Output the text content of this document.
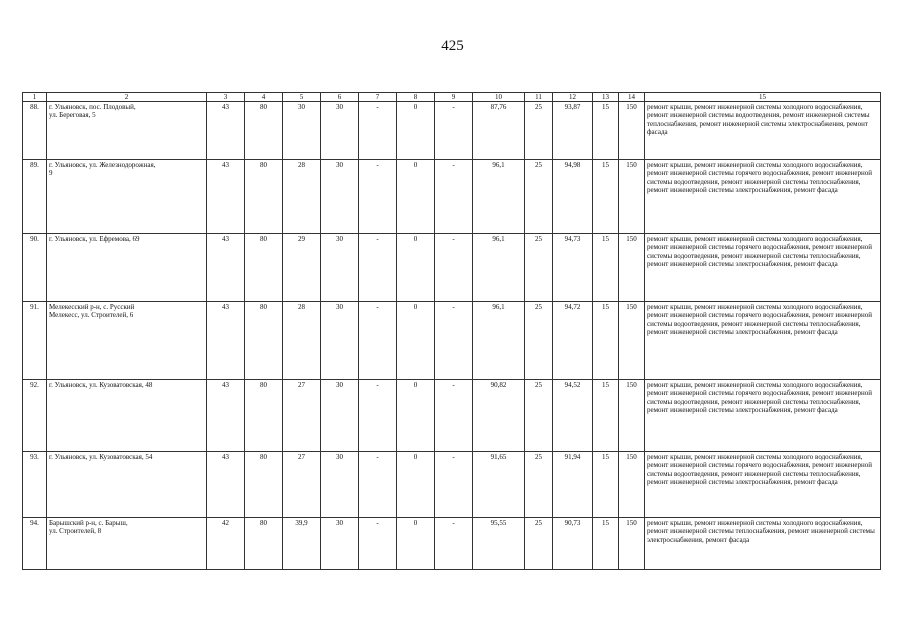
425
1	2	3	4	5	6	7	8	9	10	11	12	13	14	15
88.	г. Ульяновск, пос. Плодовый,
ул. Береговая, 5	43	80	30	30	-	0	-	87,76	25	93,87	15	150	ремонт крыши, ремонт инженерной системы холодного водоснабжения, ремонт инженерной системы водоотведения, ремонт инженерной системы теплоснабжения, ремонт инженерной системы электроснабжения, ремонт фасада
89.	г. Ульяновск, ул. Железнодорожная,
9	43	80	28	30	-	0	-	96,1	25	94,98	15	150	ремонт крыши, ремонт инженерной системы холодного водоснабжения, ремонт инженерной системы горячего водоснабжения, ремонт инженерной системы водоотведения, ремонт инженерной системы теплоснабжения, ремонт инженерной системы электроснабжения, ремонт фасада
90.	г. Ульяновск, ул. Ефремова, 69	43	80	29	30	-	0	-	96,1	25	94,73	15	150	ремонт крыши, ремонт инженерной системы холодного водоснабжения, ремонт инженерной системы горячего водоснабжения, ремонт инженерной системы водоотведения, ремонт инженерной системы теплоснабжения, ремонт инженерной системы электроснабжения, ремонт фасада
91.	Мелекесский р-н, с. Русский
Мелекесс, ул. Строителей, 6	43	80	28	30	-	0	-	96,1	25	94,72	15	150	ремонт крыши, ремонт инженерной системы холодного водоснабжения, ремонт инженерной системы горячего водоснабжения, ремонт инженерной системы водоотведения, ремонт инженерной системы теплоснабжения, ремонт инженерной системы электроснабжения, ремонт фасада
92.	г. Ульяновск, ул. Кузоватовская, 48	43	80	27	30	-	0	-	90,82	25	94,52	15	150	ремонт крыши, ремонт инженерной системы холодного водоснабжения, ремонт инженерной системы горячего водоснабжения, ремонт инженерной системы водоотведения, ремонт инженерной системы теплоснабжения, ремонт инженерной системы электроснабжения, ремонт фасада
93.	г. Ульяновск, ул. Кузоватовская, 54	43	80	27	30	-	0	-	91,65	25	91,94	15	150	ремонт крыши, ремонт инженерной системы холодного водоснабжения, ремонт инженерной системы горячего водоснабжения, ремонт инженерной системы водоотведения, ремонт инженерной системы теплоснабжения, ремонт инженерной системы электроснабжения, ремонт фасада
94.	Барышский р-н, с. Барыш,
ул. Строителей, 8	42	80	39,9	30	-	0	-	95,55	25	90,73	15	150	ремонт крыши, ремонт инженерной системы холодного водоснабжения, ремонт инженерной системы теплоснабжения, ремонт инженерной системы электроснабжения, ремонт фасада
